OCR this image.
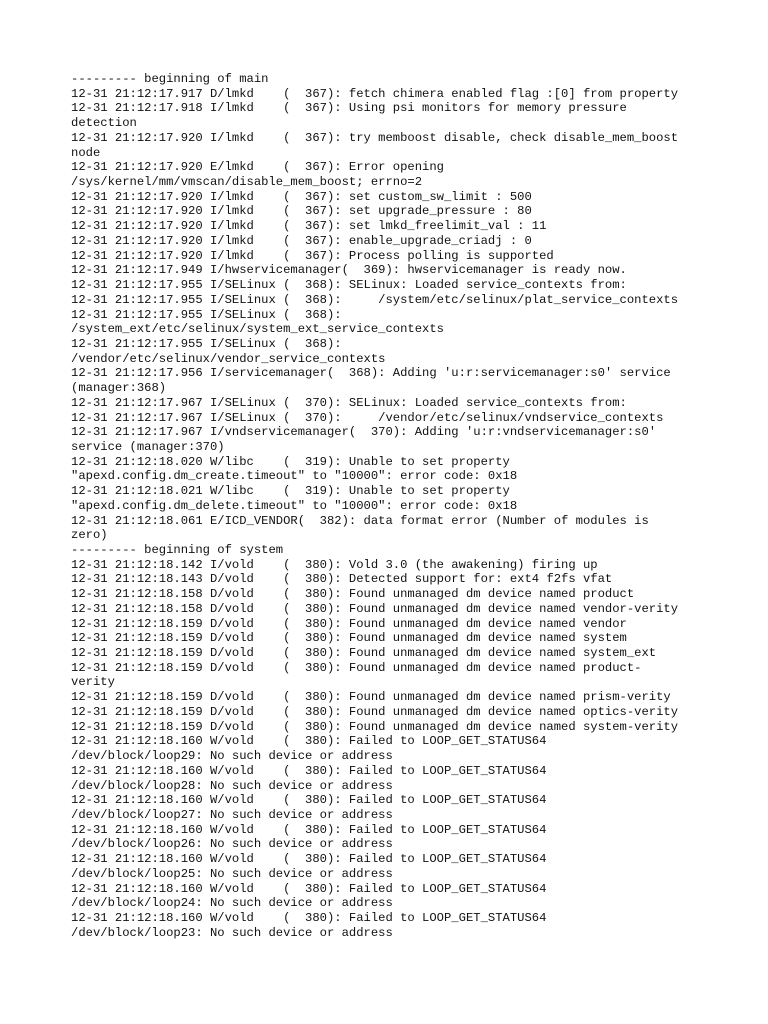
--------- beginning of main
12-31 21:12:17.917 D/lmkd    (  367): fetch chimera enabled flag :[0] from property
12-31 21:12:17.918 I/lmkd    (  367): Using psi monitors for memory pressure
detection
12-31 21:12:17.920 I/lmkd    (  367): try memboost disable, check disable_mem_boost
node
12-31 21:12:17.920 E/lmkd    (  367): Error opening
/sys/kernel/mm/vmscan/disable_mem_boost; errno=2
12-31 21:12:17.920 I/lmkd    (  367): set custom_sw_limit : 500
12-31 21:12:17.920 I/lmkd    (  367): set upgrade_pressure : 80
12-31 21:12:17.920 I/lmkd    (  367): set lmkd_freelimit_val : 11
12-31 21:12:17.920 I/lmkd    (  367): enable_upgrade_criadj : 0
12-31 21:12:17.920 I/lmkd    (  367): Process polling is supported
12-31 21:12:17.949 I/hwservicemanager(  369): hwservicemanager is ready now.
12-31 21:12:17.955 I/SELinux (  368): SELinux: Loaded service_contexts from:
12-31 21:12:17.955 I/SELinux (  368):     /system/etc/selinux/plat_service_contexts
12-31 21:12:17.955 I/SELinux (  368):
/system_ext/etc/selinux/system_ext_service_contexts
12-31 21:12:17.955 I/SELinux (  368):
/vendor/etc/selinux/vendor_service_contexts
12-31 21:12:17.956 I/servicemanager(  368): Adding 'u:r:servicemanager:s0' service
(manager:368)
12-31 21:12:17.967 I/SELinux (  370): SELinux: Loaded service_contexts from:
12-31 21:12:17.967 I/SELinux (  370):     /vendor/etc/selinux/vndservice_contexts
12-31 21:12:17.967 I/vndservicemanager(  370): Adding 'u:r:vndservicemanager:s0'
service (manager:370)
12-31 21:12:18.020 W/libc    (  319): Unable to set property
"apexd.config.dm_create.timeout" to "10000": error code: 0x18
12-31 21:12:18.021 W/libc    (  319): Unable to set property
"apexd.config.dm_delete.timeout" to "10000": error code: 0x18
12-31 21:12:18.061 E/ICD_VENDOR(  382): data format error (Number of modules is
zero)
--------- beginning of system
12-31 21:12:18.142 I/vold    (  380): Vold 3.0 (the awakening) firing up
12-31 21:12:18.143 D/vold    (  380): Detected support for: ext4 f2fs vfat
12-31 21:12:18.158 D/vold    (  380): Found unmanaged dm device named product
12-31 21:12:18.158 D/vold    (  380): Found unmanaged dm device named vendor-verity
12-31 21:12:18.159 D/vold    (  380): Found unmanaged dm device named vendor
12-31 21:12:18.159 D/vold    (  380): Found unmanaged dm device named system
12-31 21:12:18.159 D/vold    (  380): Found unmanaged dm device named system_ext
12-31 21:12:18.159 D/vold    (  380): Found unmanaged dm device named product-
verity
12-31 21:12:18.159 D/vold    (  380): Found unmanaged dm device named prism-verity
12-31 21:12:18.159 D/vold    (  380): Found unmanaged dm device named optics-verity
12-31 21:12:18.159 D/vold    (  380): Found unmanaged dm device named system-verity
12-31 21:12:18.160 W/vold    (  380): Failed to LOOP_GET_STATUS64
/dev/block/loop29: No such device or address
12-31 21:12:18.160 W/vold    (  380): Failed to LOOP_GET_STATUS64
/dev/block/loop28: No such device or address
12-31 21:12:18.160 W/vold    (  380): Failed to LOOP_GET_STATUS64
/dev/block/loop27: No such device or address
12-31 21:12:18.160 W/vold    (  380): Failed to LOOP_GET_STATUS64
/dev/block/loop26: No such device or address
12-31 21:12:18.160 W/vold    (  380): Failed to LOOP_GET_STATUS64
/dev/block/loop25: No such device or address
12-31 21:12:18.160 W/vold    (  380): Failed to LOOP_GET_STATUS64
/dev/block/loop24: No such device or address
12-31 21:12:18.160 W/vold    (  380): Failed to LOOP_GET_STATUS64
/dev/block/loop23: No such device or address
